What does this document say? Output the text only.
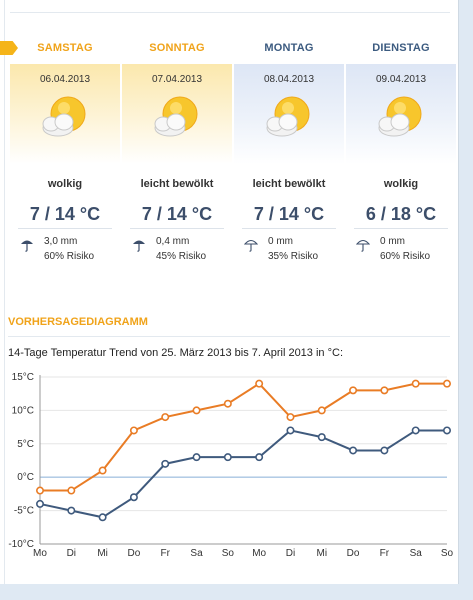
SAMSTAG
06.04.2013
wolkig
7 / 14 °C
3,0 mm
60% Risiko
SONNTAG
07.04.2013
leicht bewölkt
7 / 14 °C
0,4 mm
45% Risiko
MONTAG
08.04.2013
leicht bewölkt
7 / 14 °C
0 mm
35% Risiko
DIENSTAG
09.04.2013
wolkig
6 / 18 °C
0 mm
60% Risiko
VORHERSAGEDIAGRAMM
14-Tage Temperatur Trend von 25. März 2013 bis 7. April 2013 in °C:
15°C
10°C
5°C
0°C
-5°C
-10°C
Mo Di Mi Do Fr Sa So Mo Di Mi Do Fr Sa So
